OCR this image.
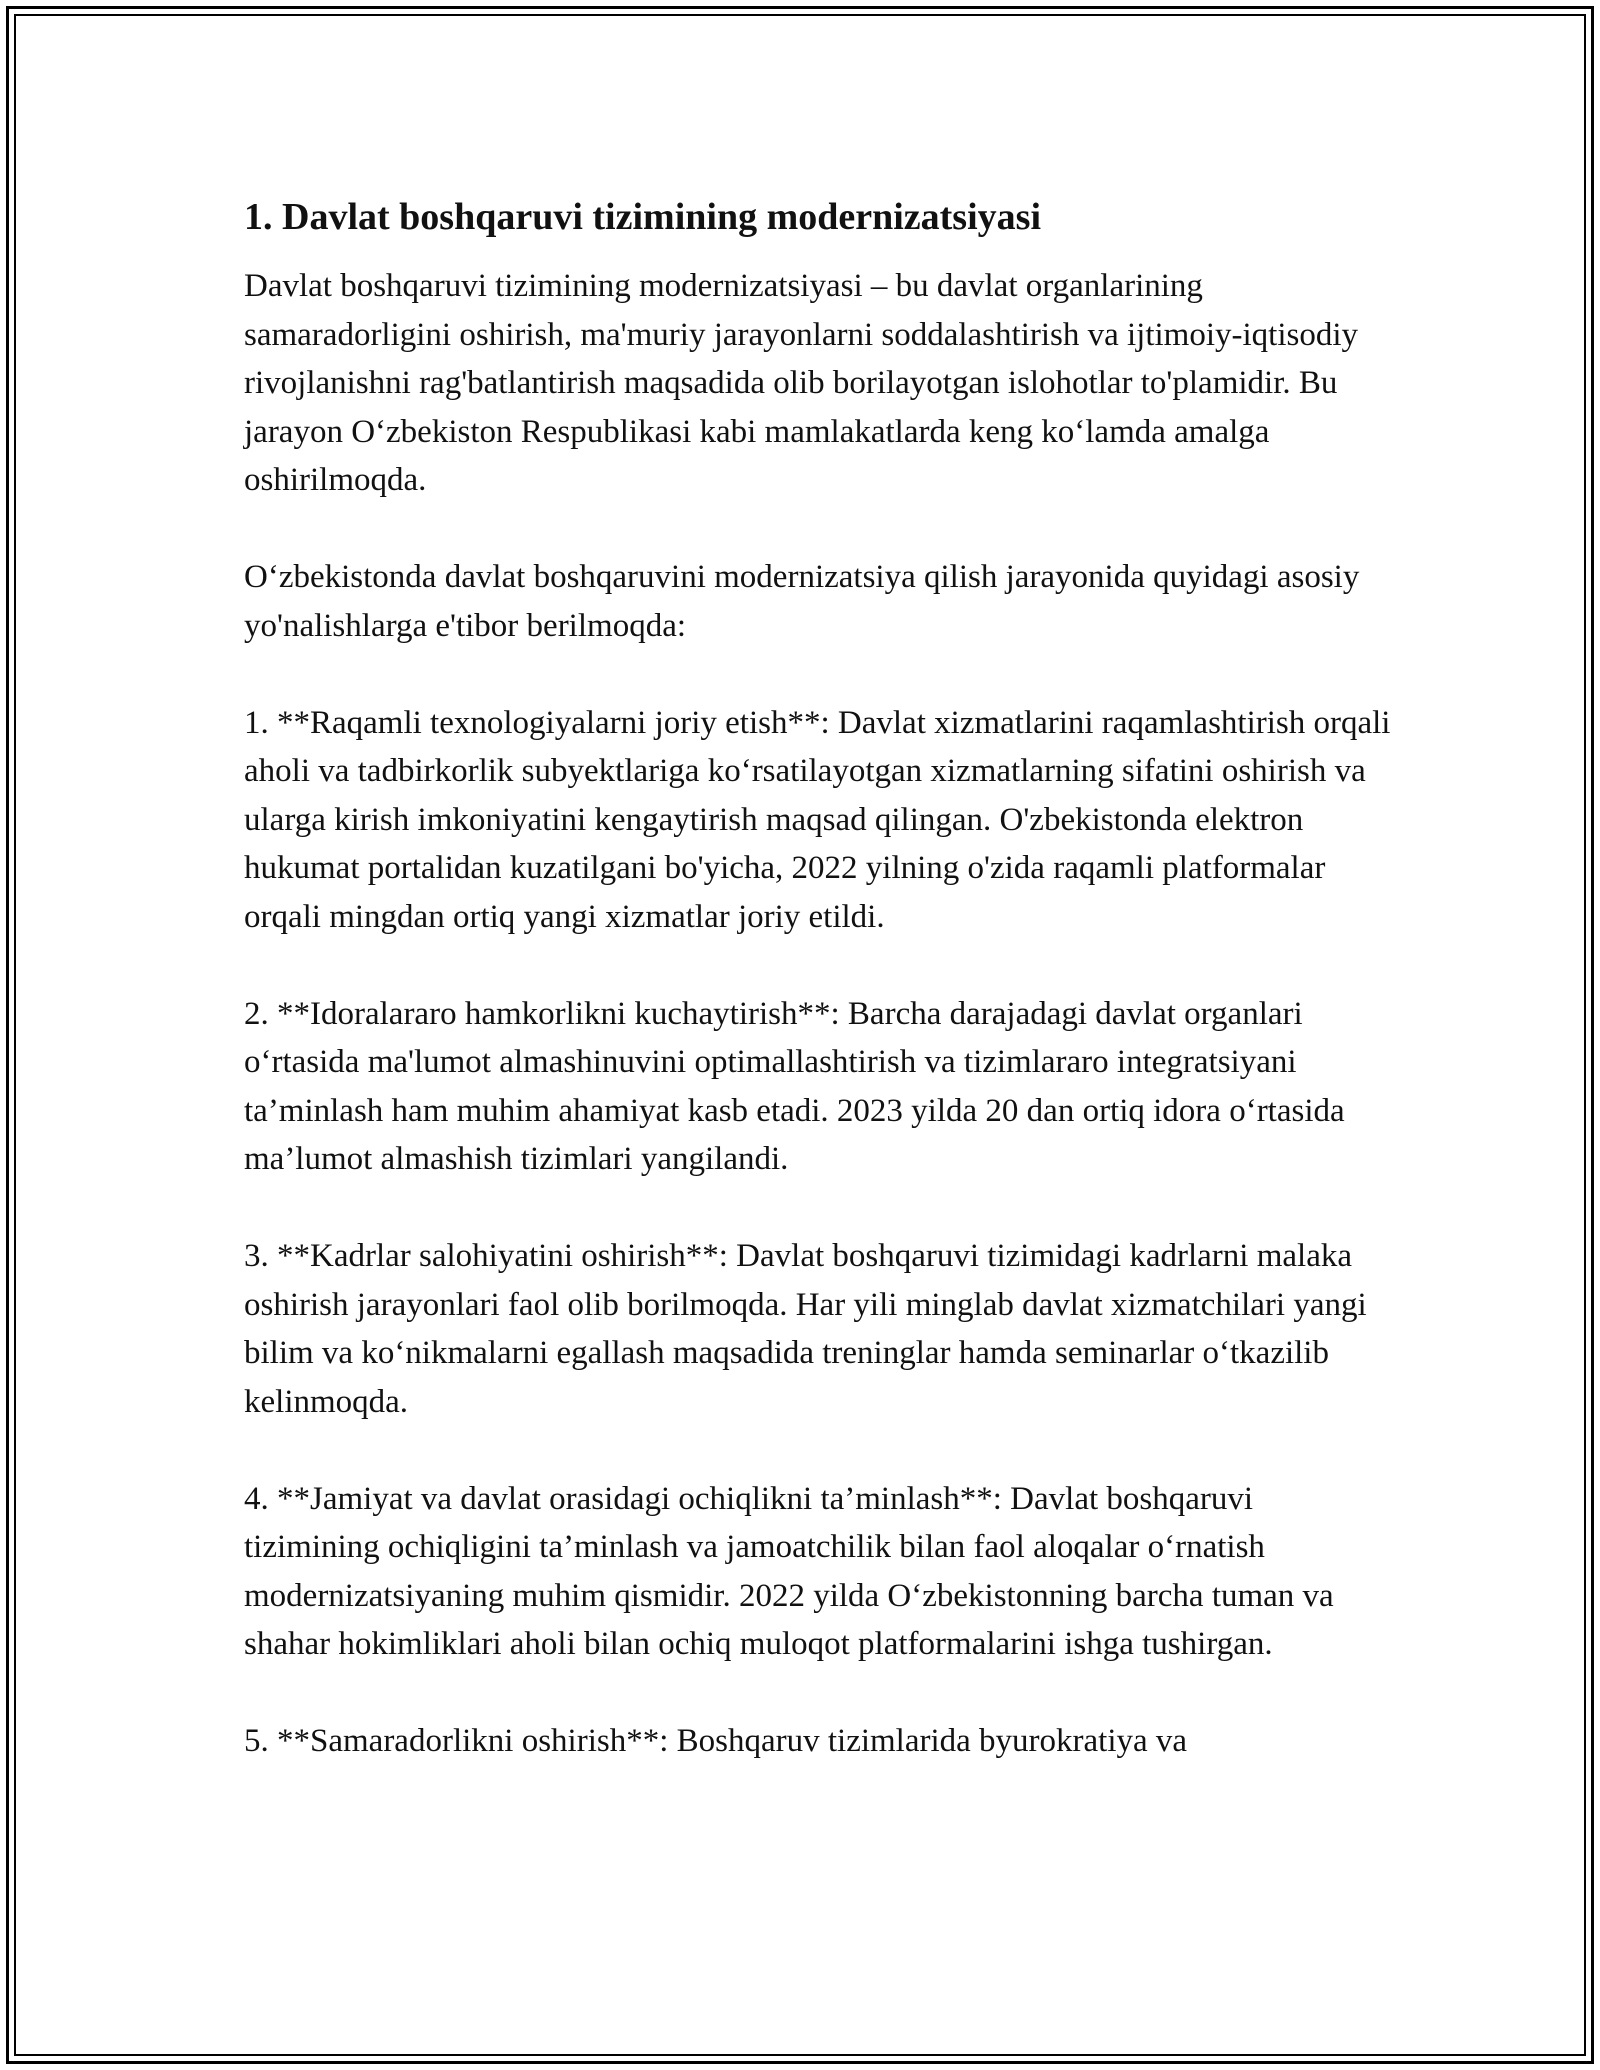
1. Davlat boshqaruvi tizimining modernizatsiyasi

Davlat boshqaruvi tizimining modernizatsiyasi – bu davlat organlarining samaradorligini oshirish, ma'muriy jarayonlarni soddalashtirish va ijtimoiy-iqtisodiy rivojlanishni rag'batlantirish maqsadida olib borilayotgan islohotlar to'plamidir. Bu jarayon O‘zbekiston Respublikasi kabi mamlakatlarda keng ko‘lamda amalga oshirilmoqda.

O‘zbekistonda davlat boshqaruvini modernizatsiya qilish jarayonida quyidagi asosiy yo'nalishlarga e'tibor berilmoqda:

1. **Raqamli texnologiyalarni joriy etish**: Davlat xizmatlarini raqamlashtirish orqali aholi va tadbirkorlik subyektlariga ko‘rsatilayotgan xizmatlarning sifatini oshirish va ularga kirish imkoniyatini kengaytirish maqsad qilingan. O'zbekistonda elektron hukumat portalidan kuzatilgani bo'yicha, 2022 yilning o'zida raqamli platformalar orqali mingdan ortiq yangi xizmatlar joriy etildi.

2. **Idoralararo hamkorlikni kuchaytirish**: Barcha darajadagi davlat organlari o‘rtasida ma'lumot almashinuvini optimallashtirish va tizimlararo integratsiyani ta’minlash ham muhim ahamiyat kasb etadi. 2023 yilda 20 dan ortiq idora o‘rtasida ma’lumot almashish tizimlari yangilandi.

3. **Kadrlar salohiyatini oshirish**: Davlat boshqaruvi tizimidagi kadrlarni malaka oshirish jarayonlari faol olib borilmoqda. Har yili minglab davlat xizmatchilari yangi bilim va ko‘nikmalarni egallash maqsadida treninglar hamda seminarlar o‘tkazilib kelinmoqda.

4. **Jamiyat va davlat orasidagi ochiqlikni ta’minlash**: Davlat boshqaruvi tizimining ochiqligini ta’minlash va jamoatchilik bilan faol aloqalar o‘rnatish modernizatsiyaning muhim qismidir. 2022 yilda O‘zbekistonning barcha tuman va shahar hokimliklari aholi bilan ochiq muloqot platformalarini ishga tushirgan.

5. **Samaradorlikni oshirish**: Boshqaruv tizimlarida byurokratiya va
